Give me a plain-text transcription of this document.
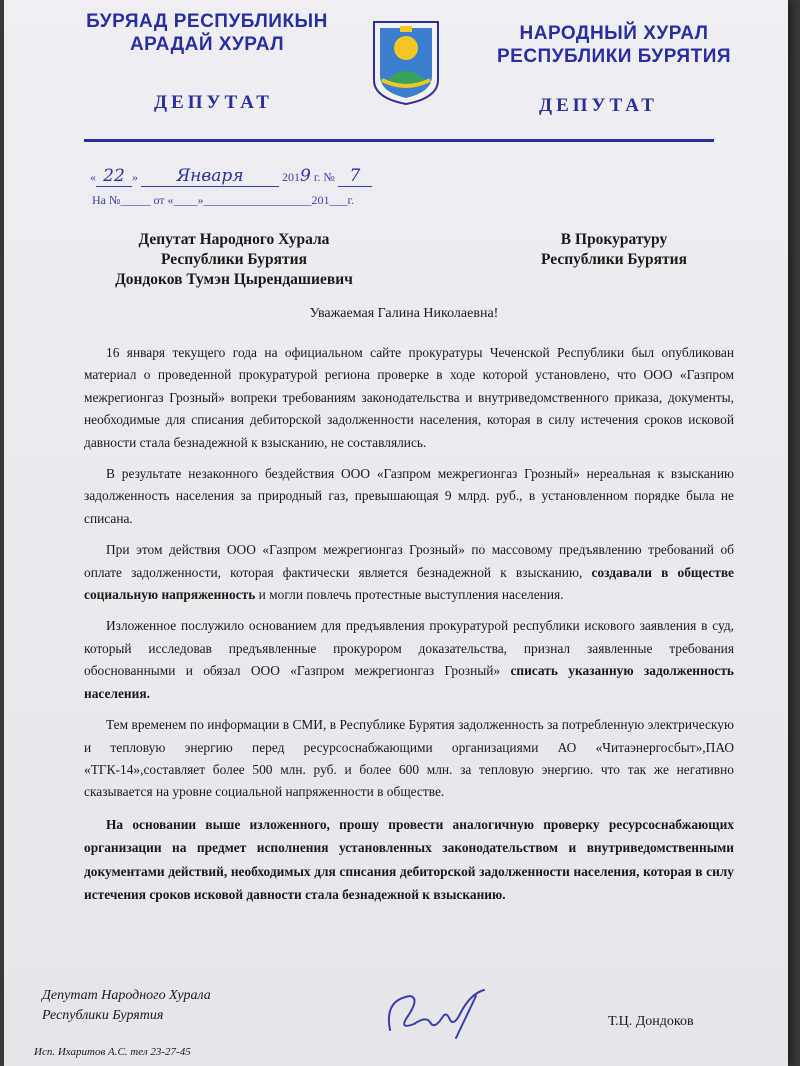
БУРЯАД РЕСПУБЛИКЫН
АРАДАЙ ХУРАЛ
НАРОДНЫЙ ХУРАЛ
РЕСПУБЛИКИ БУРЯТИЯ
ДЕПУТАТ	ДЕПУТАТ
« 22 » Января	2019 г. № 7
На №_____ от «____»__________________201___г.
Депутат Народного Хурала
Республики Бурятия
Дондоков Тумэн Цырендашиевич
В Прокуратуру
Республики Бурятия
Уважаемая Галина Николаевна!

16 января текущего года на официальном сайте прокуратуры Чеченской Республики был опубликован материал о проведенной прокуратурой региона проверке в ходе которой установлено, что ООО «Газпром межрегионгаз Грозный» вопреки требованиям законодательства и внутриведомственного приказа, документы, необходимые для списания дебиторской задолженности населения, которая в силу истечения сроков исковой давности стала безнадежной к взысканию, не составлялись.

В результате незаконного бездействия ООО «Газпром межрегионгаз Грозный» нереальная к взысканию задолженность населения за природный газ, превышающая 9 млрд. руб., в установленном порядке была не списана.

При этом действия ООО «Газпром межрегионгаз Грозный» по массовому предъявлению требований об оплате задолженности, которая фактически является безнадежной к взысканию, создавали в обществе социальную напряженность и могли повлечь протестные выступления населения.

Изложенное послужило основанием для предъявления прокуратурой республики искового заявления в суд, который исследовав предъявленные прокурором доказательства, признал заявленные требования обоснованными и обязал ООО «Газпром межрегионгаз Грозный» списать указанную задолженность населения.

Тем временем по информации в СМИ, в Республике Бурятия задолженность за потребленную электрическую и тепловую энергию перед ресурсоснабжающими организациями АО «Читаэнергосбыт»,ПАО «ТГК-14»,составляет более 500 млн. руб. и более 600 млн. за тепловую энергию. что так же негативно сказывается на уровне социальной напряженности в обществе.

На основании выше изложенного, прошу провести аналогичную проверку ресурсоснабжающих организации на предмет исполнения установленных законодательством и внутриведомственными документами действий, необходимых для списания дебиторской задолженности населения, которая в силу истечения сроков исковой давности стала безнадежной к взысканию.

Депутат Народного Хурала
Республики Бурятия	Т.Ц. Дондоков
Исп. Ихаритов А.С. тел 23-27-45
